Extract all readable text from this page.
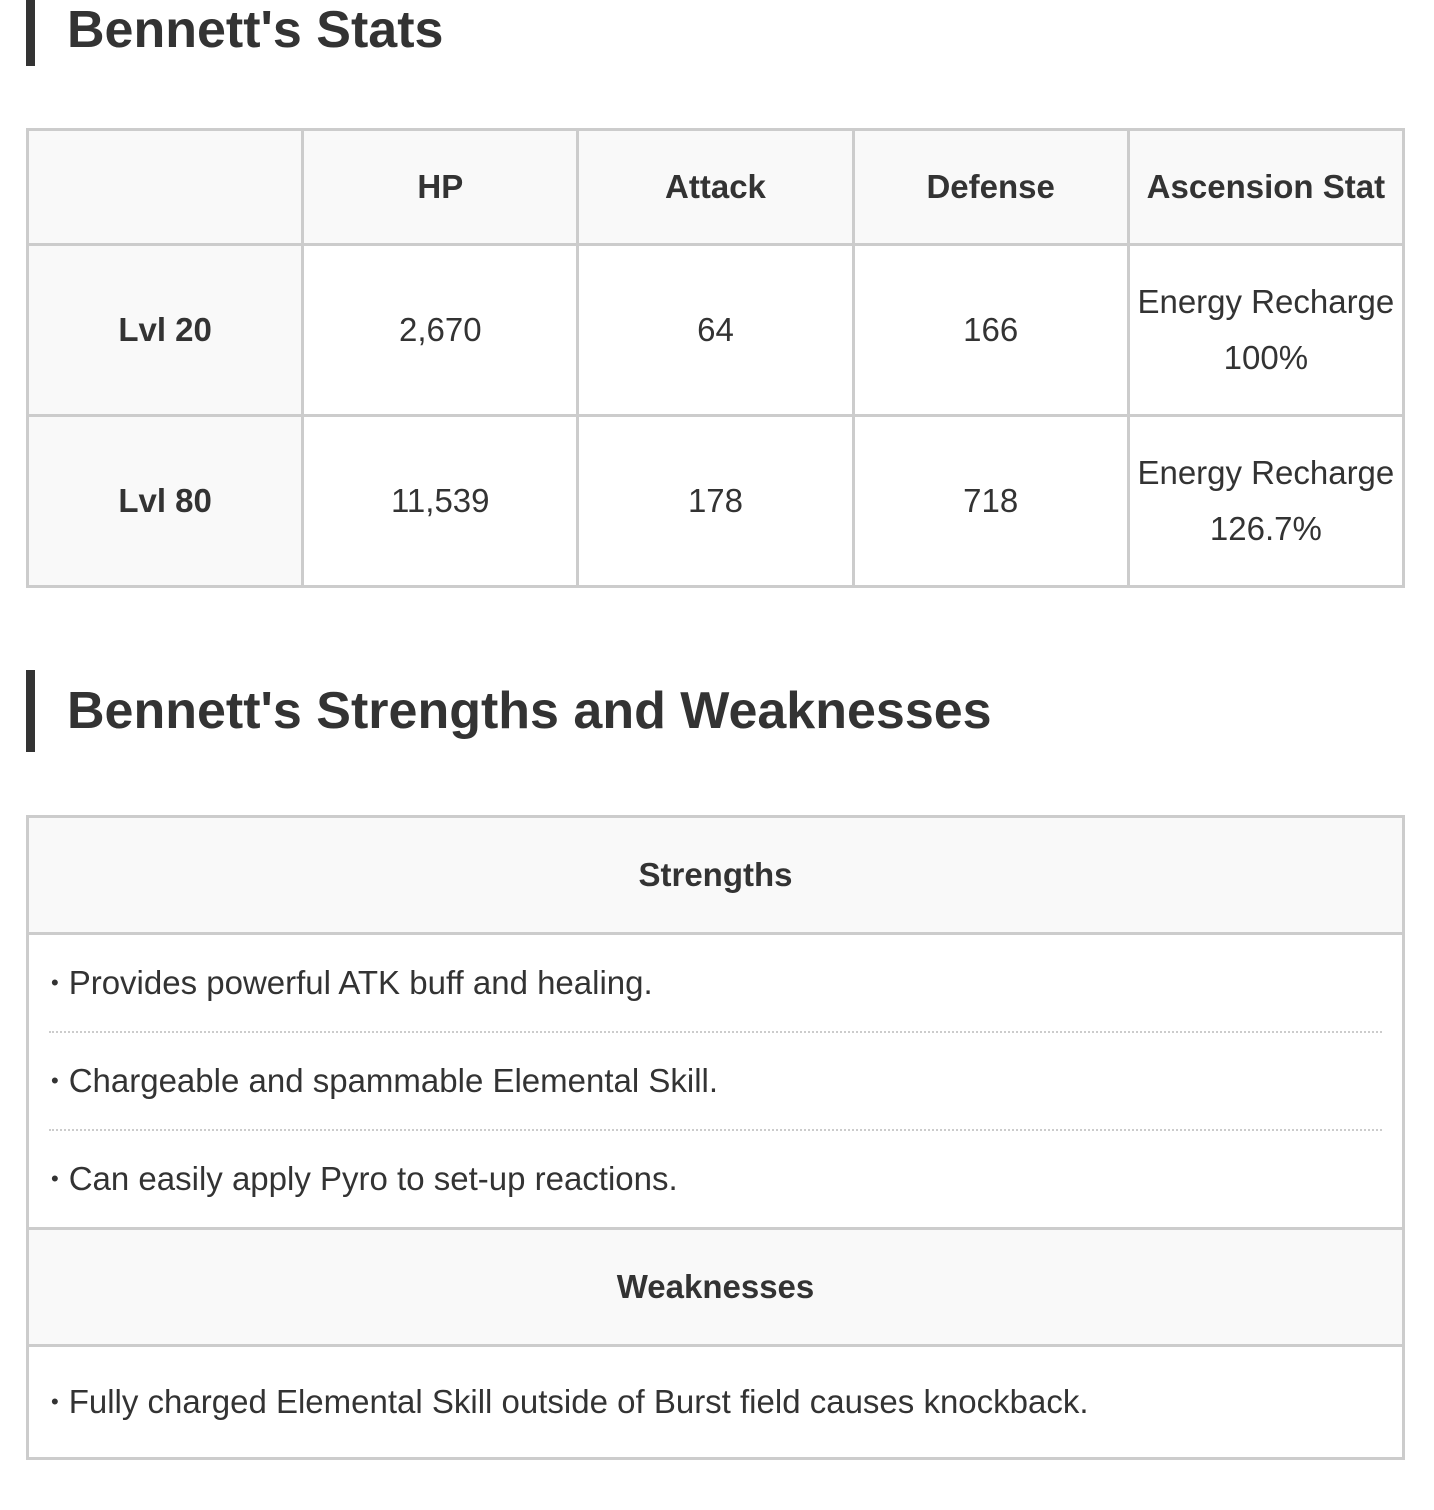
Bennett's Stats
	HP	Attack	Defense	Ascension Stat
Lvl 20	2,670	64	166	Energy Recharge
100%
Lvl 80	11,539	178	718	Energy Recharge
126.7%
Bennett's Strengths and Weaknesses
Strengths

• Provides powerful ATK buff and healing.
• Chargeable and spammable Elemental Skill.
• Can easily apply Pyro to set-up reactions.

Weaknesses

• Fully charged Elemental Skill outside of Burst field causes knockback.
